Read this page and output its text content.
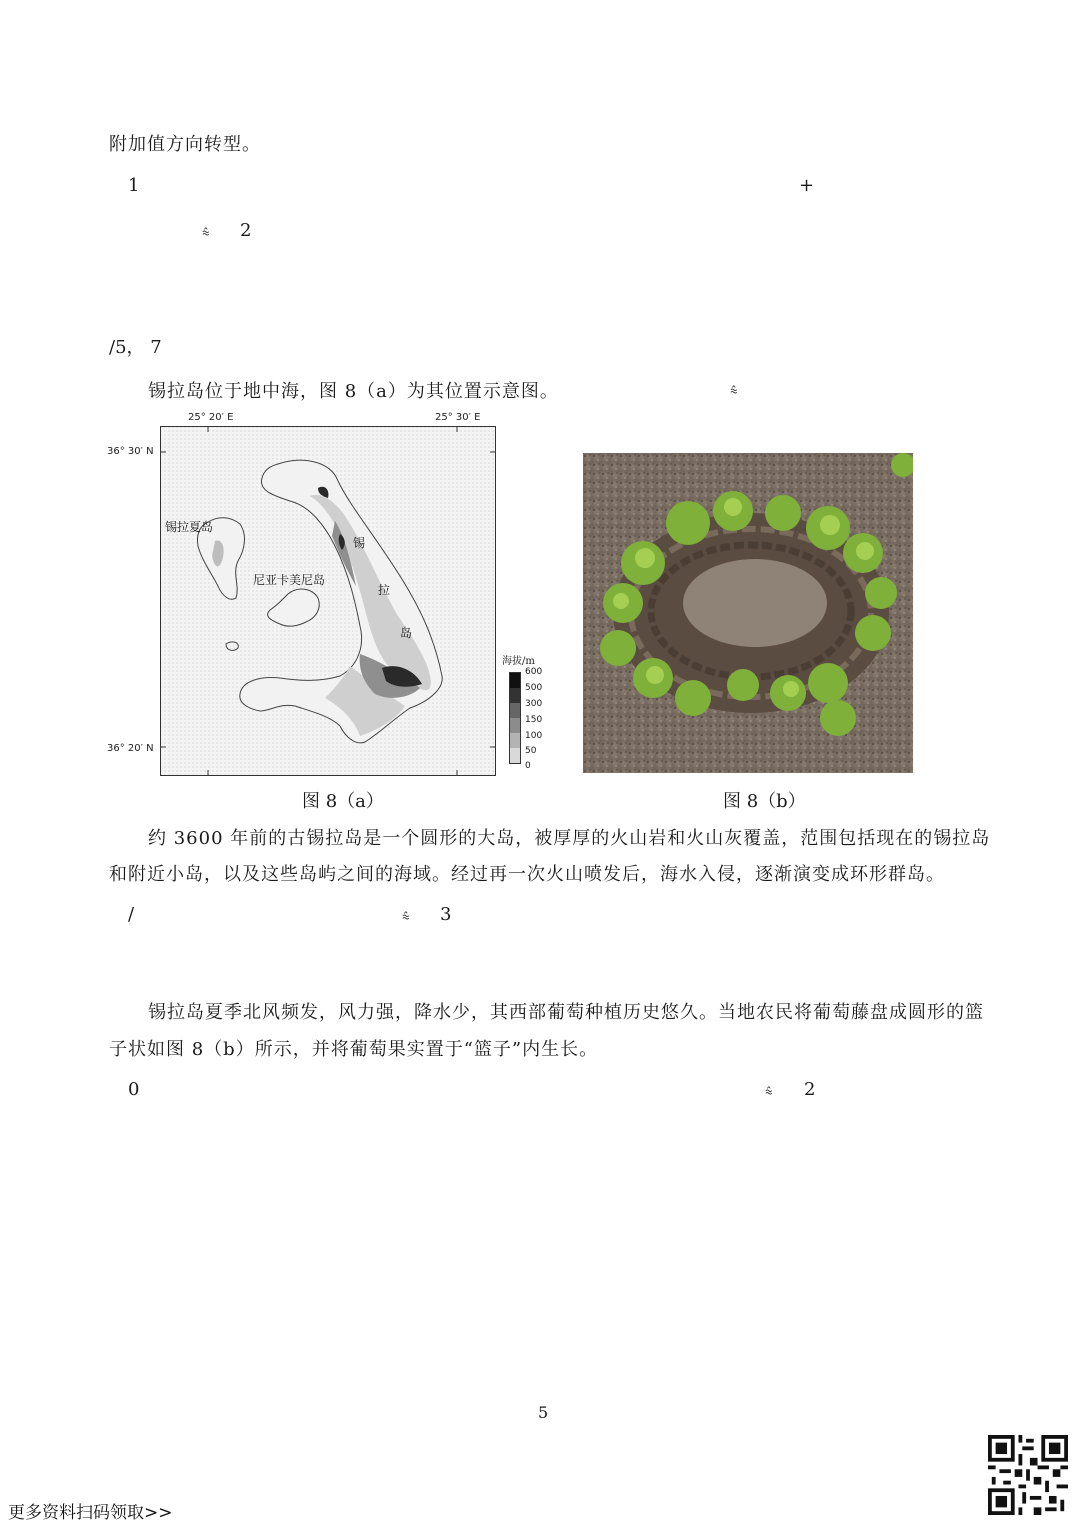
附加值方向转型。
1	+
⩯ 2
/5， 7
锡拉岛位于地中海，图 8（a）为其位置示意图。	⩯
25° 20′ E	25° 30′ E
36° 30′ N
36° 20′ N
锡拉夏岛
尼亚卡美尼岛
锡
拉
岛
海拔/m
600
500
300
150
100
50
0
图 8（a）	图 8（b）
约 3600 年前的古锡拉岛是一个圆形的大岛，被厚厚的火山岩和火山灰覆盖，范围包括现在的锡拉岛
和附近小岛，以及这些岛屿之间的海域。经过再一次火山喷发后，海水入侵，逐渐演变成环形群岛。
/	⩯ 3
锡拉岛夏季北风频发，风力强，降水少，其西部葡萄种植历史悠久。当地农民将葡萄藤盘成圆形的篮
子状如图 8（b）所示，并将葡萄果实置于“篮子”内生长。
0	⩯ 2
5
更多资料扫码领取>>
